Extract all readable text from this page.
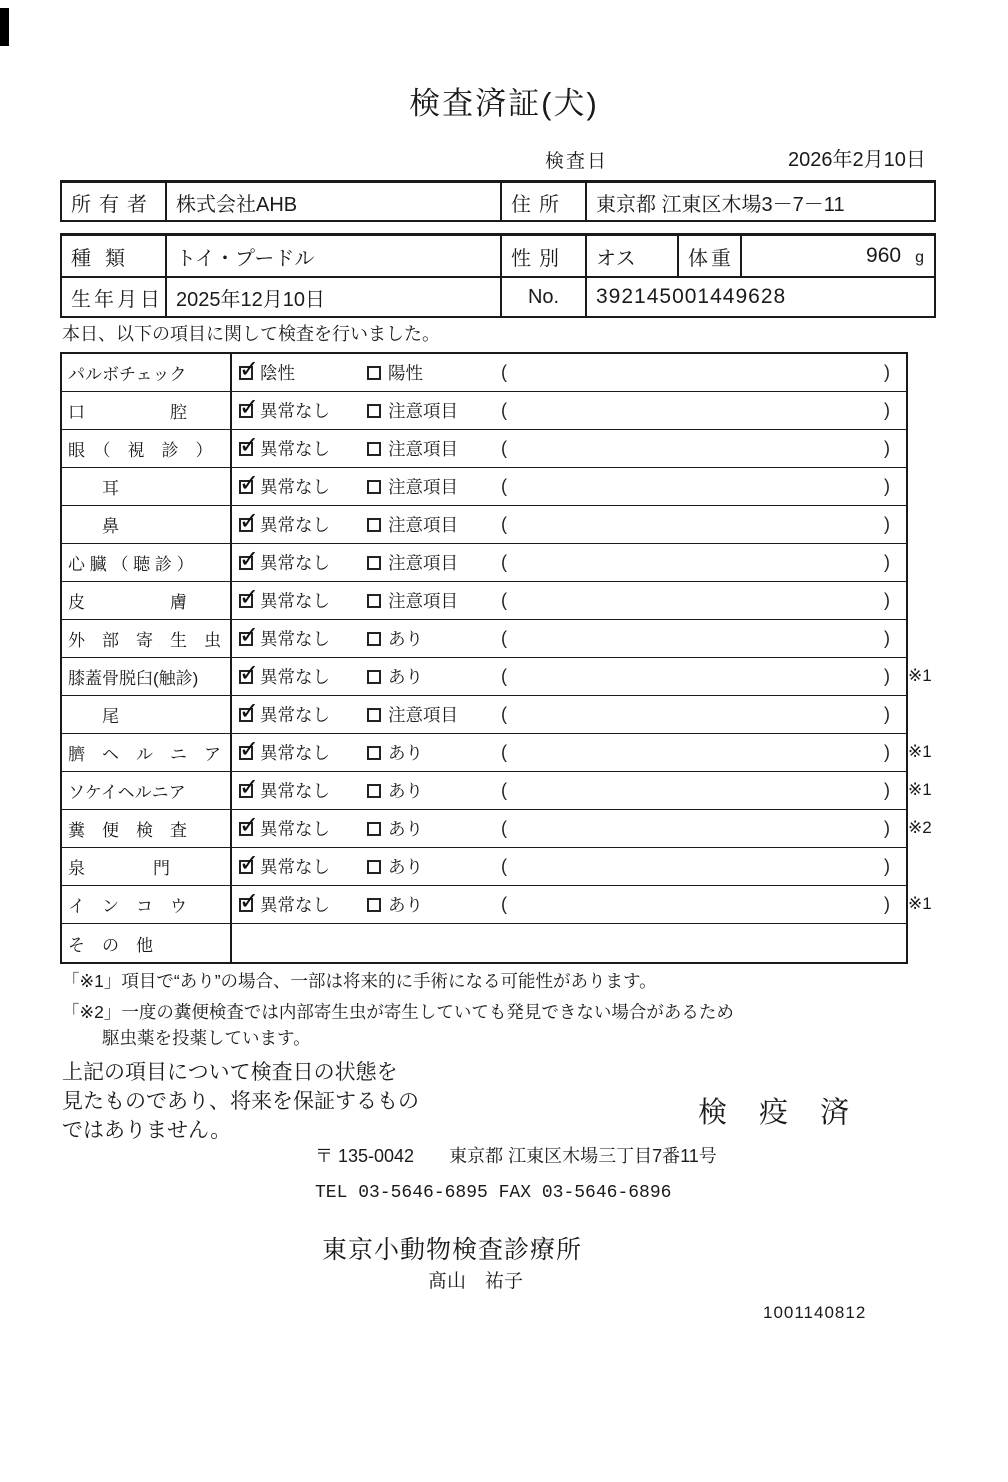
検査済証(犬)
検査日	2026年2月10日
所有者	株式会社AHB	住所	東京都 江東区木場3－7－11
種類	トイ・プードル	性別	オス	体重	960 g
生年月日 2025年12月10日	No.	392145001449628

本日、以下の項目に関して検査を行いました。

パルボチェック ✓	陰性	陽性	(	)
口　　　　　腔 ✓	異常なし	注意項目 (	)
眼　（　視　診　） ✓	異常なし	注意項目 (	)
　　耳 ✓	異常なし	注意項目 (	)
　　鼻 ✓	異常なし	注意項目 (	)
心 臓 （ 聴 診 ） ✓	異常なし	注意項目 (	)
皮　　　　　膚 ✓	異常なし	注意項目 (	)
外　部　寄　生　虫 ✓	異常なし	あり	(	)
膝蓋骨脱臼(触診) ✓	異常なし	あり	(	) ※1
　　尾 ✓	異常なし	注意項目 (	)
臍　ヘ　ル　ニ　ア ✓	異常なし	あり	(	) ※1
ソケイヘルニア ✓	異常なし	あり	(	) ※1
糞　便　検　査 ✓	異常なし	あり	(	) ※2
泉　　　　門 ✓	異常なし	あり	(	)
イ　ン　コ　ウ ✓	異常なし	あり	(	) ※1
そ　の　他

「※1」項目で“あり”の場合、一部は将来的に手術になる可能性があります。

「※2」一度の糞便検査では内部寄生虫が寄生していても発見できない場合があるため

駆虫薬を投薬しています。

上記の項目について検査日の状態を

見たものであり、将来を保証するもの

ではありません。

検 疫 済

〒 135-0042 東京都 江東区木場三丁目7番11号

TEL 03-5646-6895 FAX 03-5646-6896

東京小動物検査診療所

髙山　祐子

1001140812
